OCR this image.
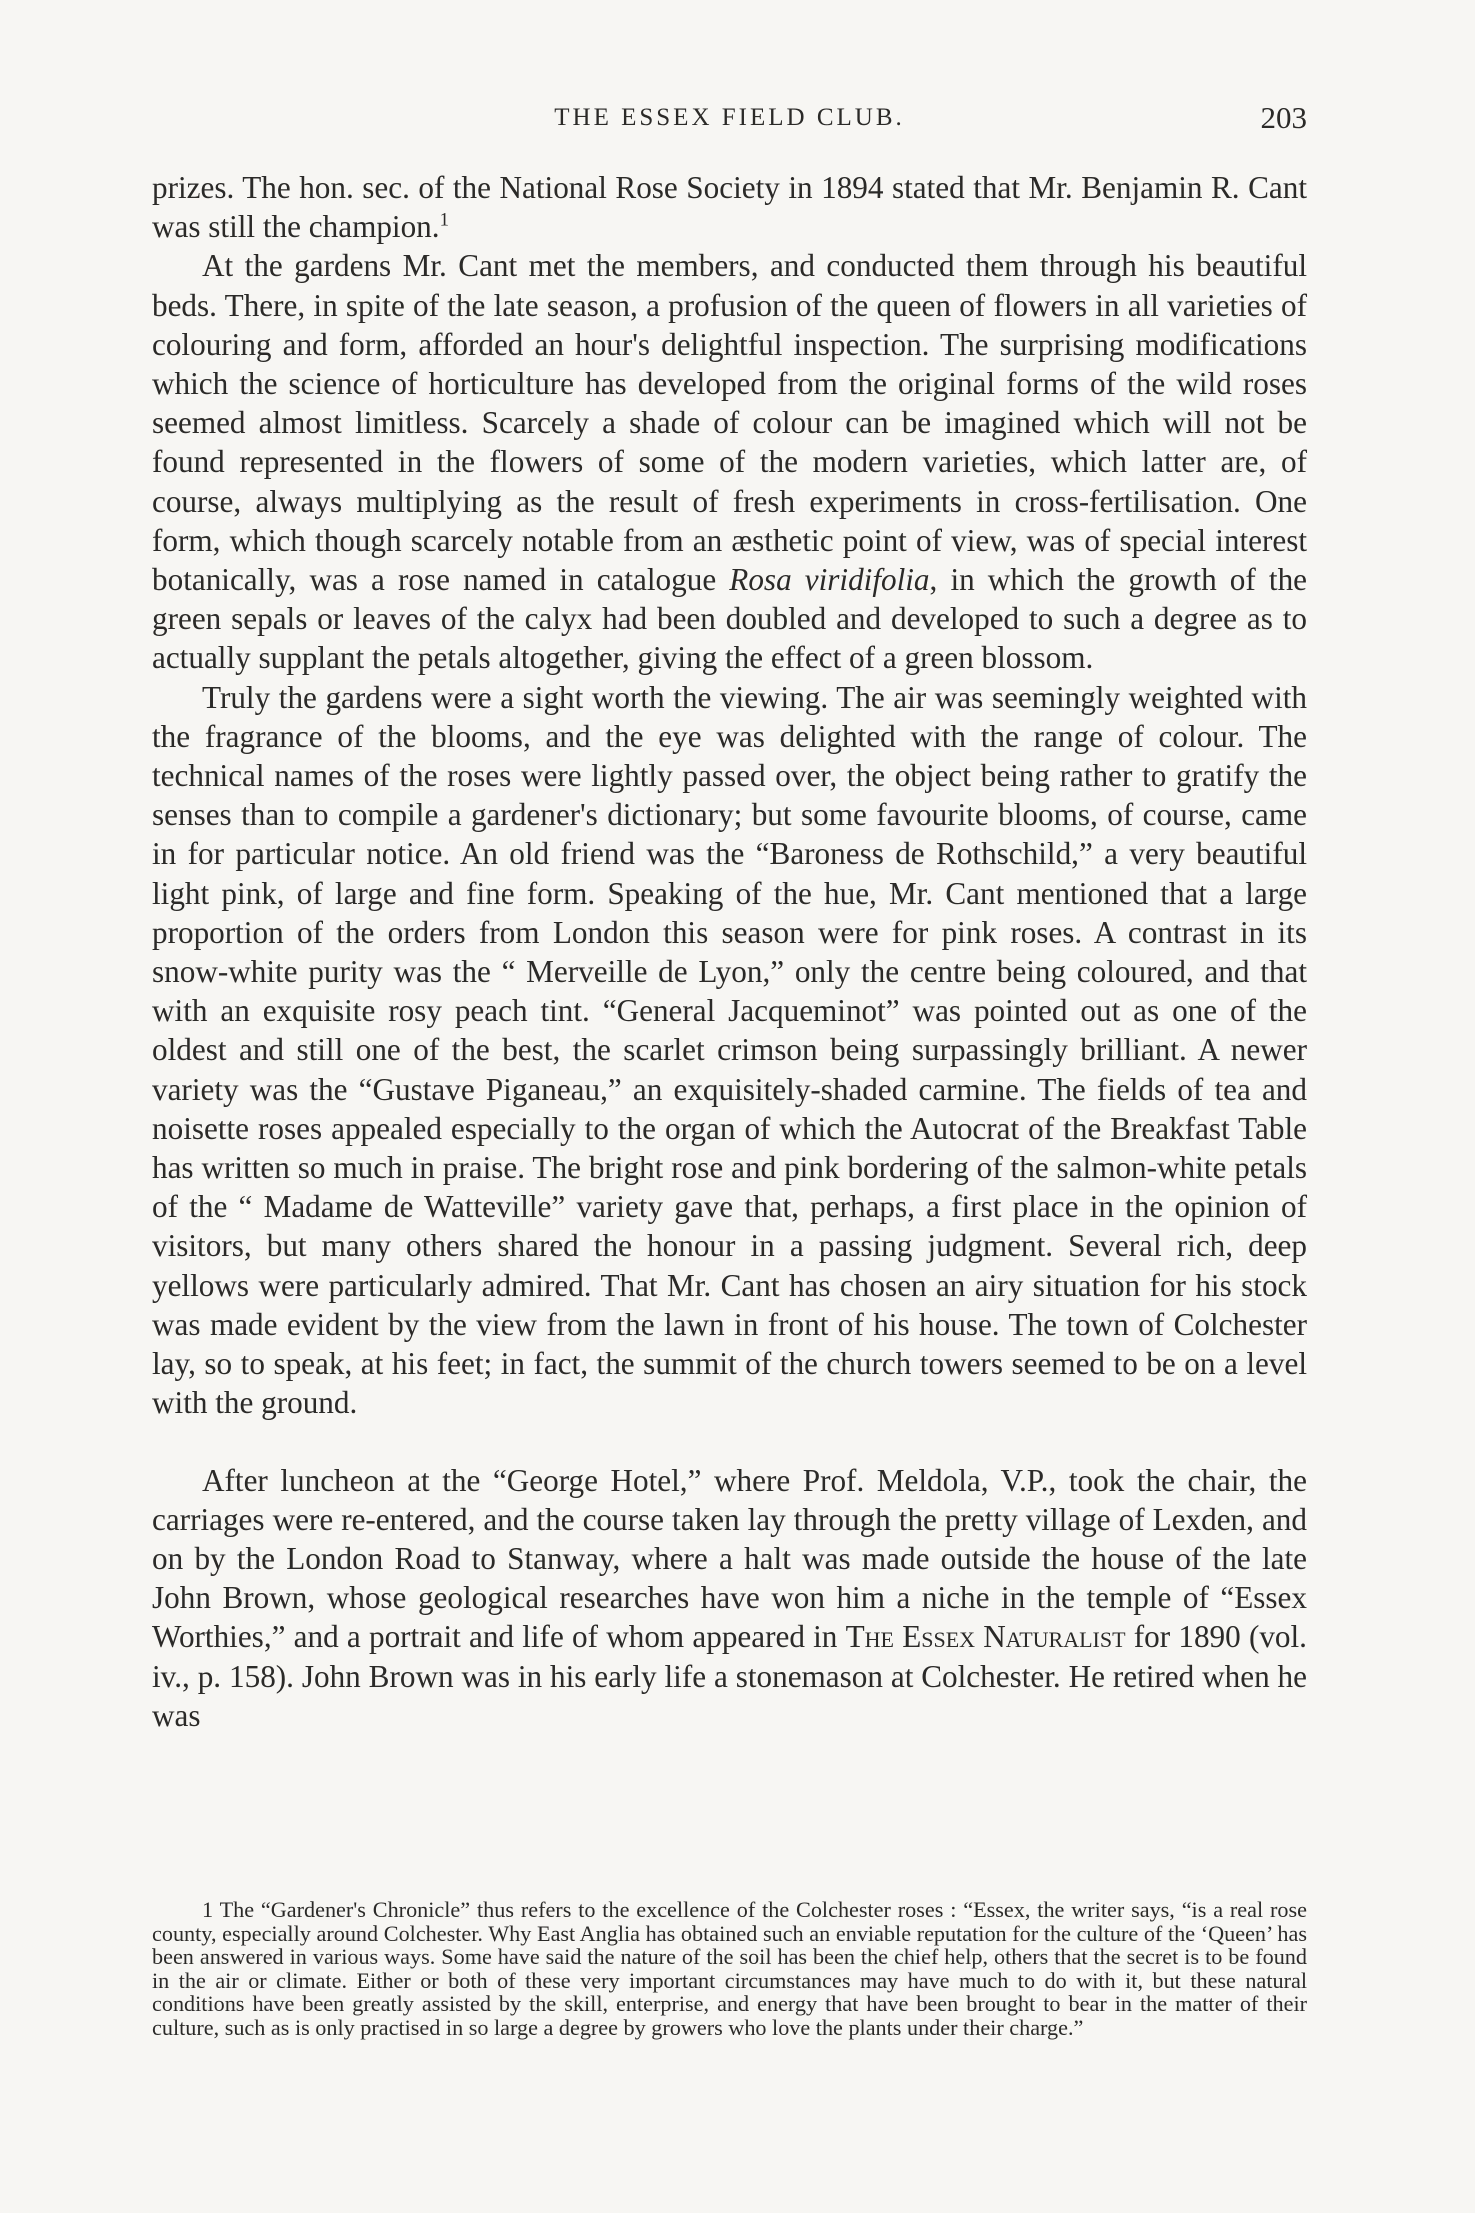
THE ESSEX FIELD CLUB.	203

prizes. The hon. sec. of the National Rose Society in 1894 stated that Mr. Benjamin R. Cant was still the champion.$^1$

At the gardens Mr. Cant met the members, and conducted them through his beautiful beds. There, in spite of the late season, a profusion of the queen of flowers in all varieties of colouring and form, afforded an hour's delightful inspection. The surprising modifications which the science of horticulture has developed from the original forms of the wild roses seemed almost limitless. Scarcely a shade of colour can be imagined which will not be found represented in the flowers of some of the modern varieties, which latter are, of course, always multiplying as the result of fresh experiments in cross-fertilisation. One form, which though scarcely notable from an æsthetic point of view, was of special interest botanically, was a rose named in catalogue Rosa viridifolia, in which the growth of the green sepals or leaves of the calyx had been doubled and developed to such a degree as to actually supplant the petals altogether, giving the effect of a green blossom.

Truly the gardens were a sight worth the viewing. The air was seemingly weighted with the fragrance of the blooms, and the eye was delighted with the range of colour. The technical names of the roses were lightly passed over, the object being rather to gratify the senses than to compile a gardener's dictionary; but some favourite blooms, of course, came in for particular notice. An old friend was the “Baroness de Rothschild,” a very beautiful light pink, of large and fine form. Speaking of the hue, Mr. Cant mentioned that a large proportion of the orders from London this season were for pink roses. A contrast in its snow-white purity was the “ Merveille de Lyon,” only the centre being coloured, and that with an exquisite rosy peach tint. “General Jacqueminot” was pointed out as one of the oldest and still one of the best, the scarlet crimson being surpassingly brilliant. A newer variety was the “Gustave Piganeau,” an exquisitely-shaded carmine. The fields of tea and noisette roses appealed especially to the organ of which the Autocrat of the Breakfast Table has written so much in praise. The bright rose and pink bordering of the salmon-white petals of the “ Madame de Watteville” variety gave that, perhaps, a first place in the opinion of visitors, but many others shared the honour in a passing judgment. Several rich, deep yellows were particularly admired. That Mr. Cant has chosen an airy situation for his stock was made evident by the view from the lawn in front of his house. The town of Colchester lay, so to speak, at his feet; in fact, the summit of the church towers seemed to be on a level with the ground.

After luncheon at the “George Hotel,” where Prof. Meldola, V.P., took the chair, the carriages were re-entered, and the course taken lay through the pretty village of Lexden, and on by the London Road to Stanway, where a halt was made outside the house of the late John Brown, whose geological researches have won him a niche in the temple of “Essex Worthies,” and a portrait and life of whom appeared in The Essex Naturalist for 1890 (vol. iv., p. 158). John Brown was in his early life a stonemason at Colchester. He retired when he was

1 The “Gardener's Chronicle” thus refers to the excellence of the Colchester roses : “Essex, the writer says, “is a real rose county, especially around Colchester. Why East Anglia has obtained such an enviable reputation for the culture of the ‘Queen’ has been answered in various ways. Some have said the nature of the soil has been the chief help, others that the secret is to be found in the air or climate. Either or both of these very important circumstances may have much to do with it, but these natural conditions have been greatly assisted by the skill, enterprise, and energy that have been brought to bear in the matter of their culture, such as is only practised in so large a degree by growers who love the plants under their charge.”
